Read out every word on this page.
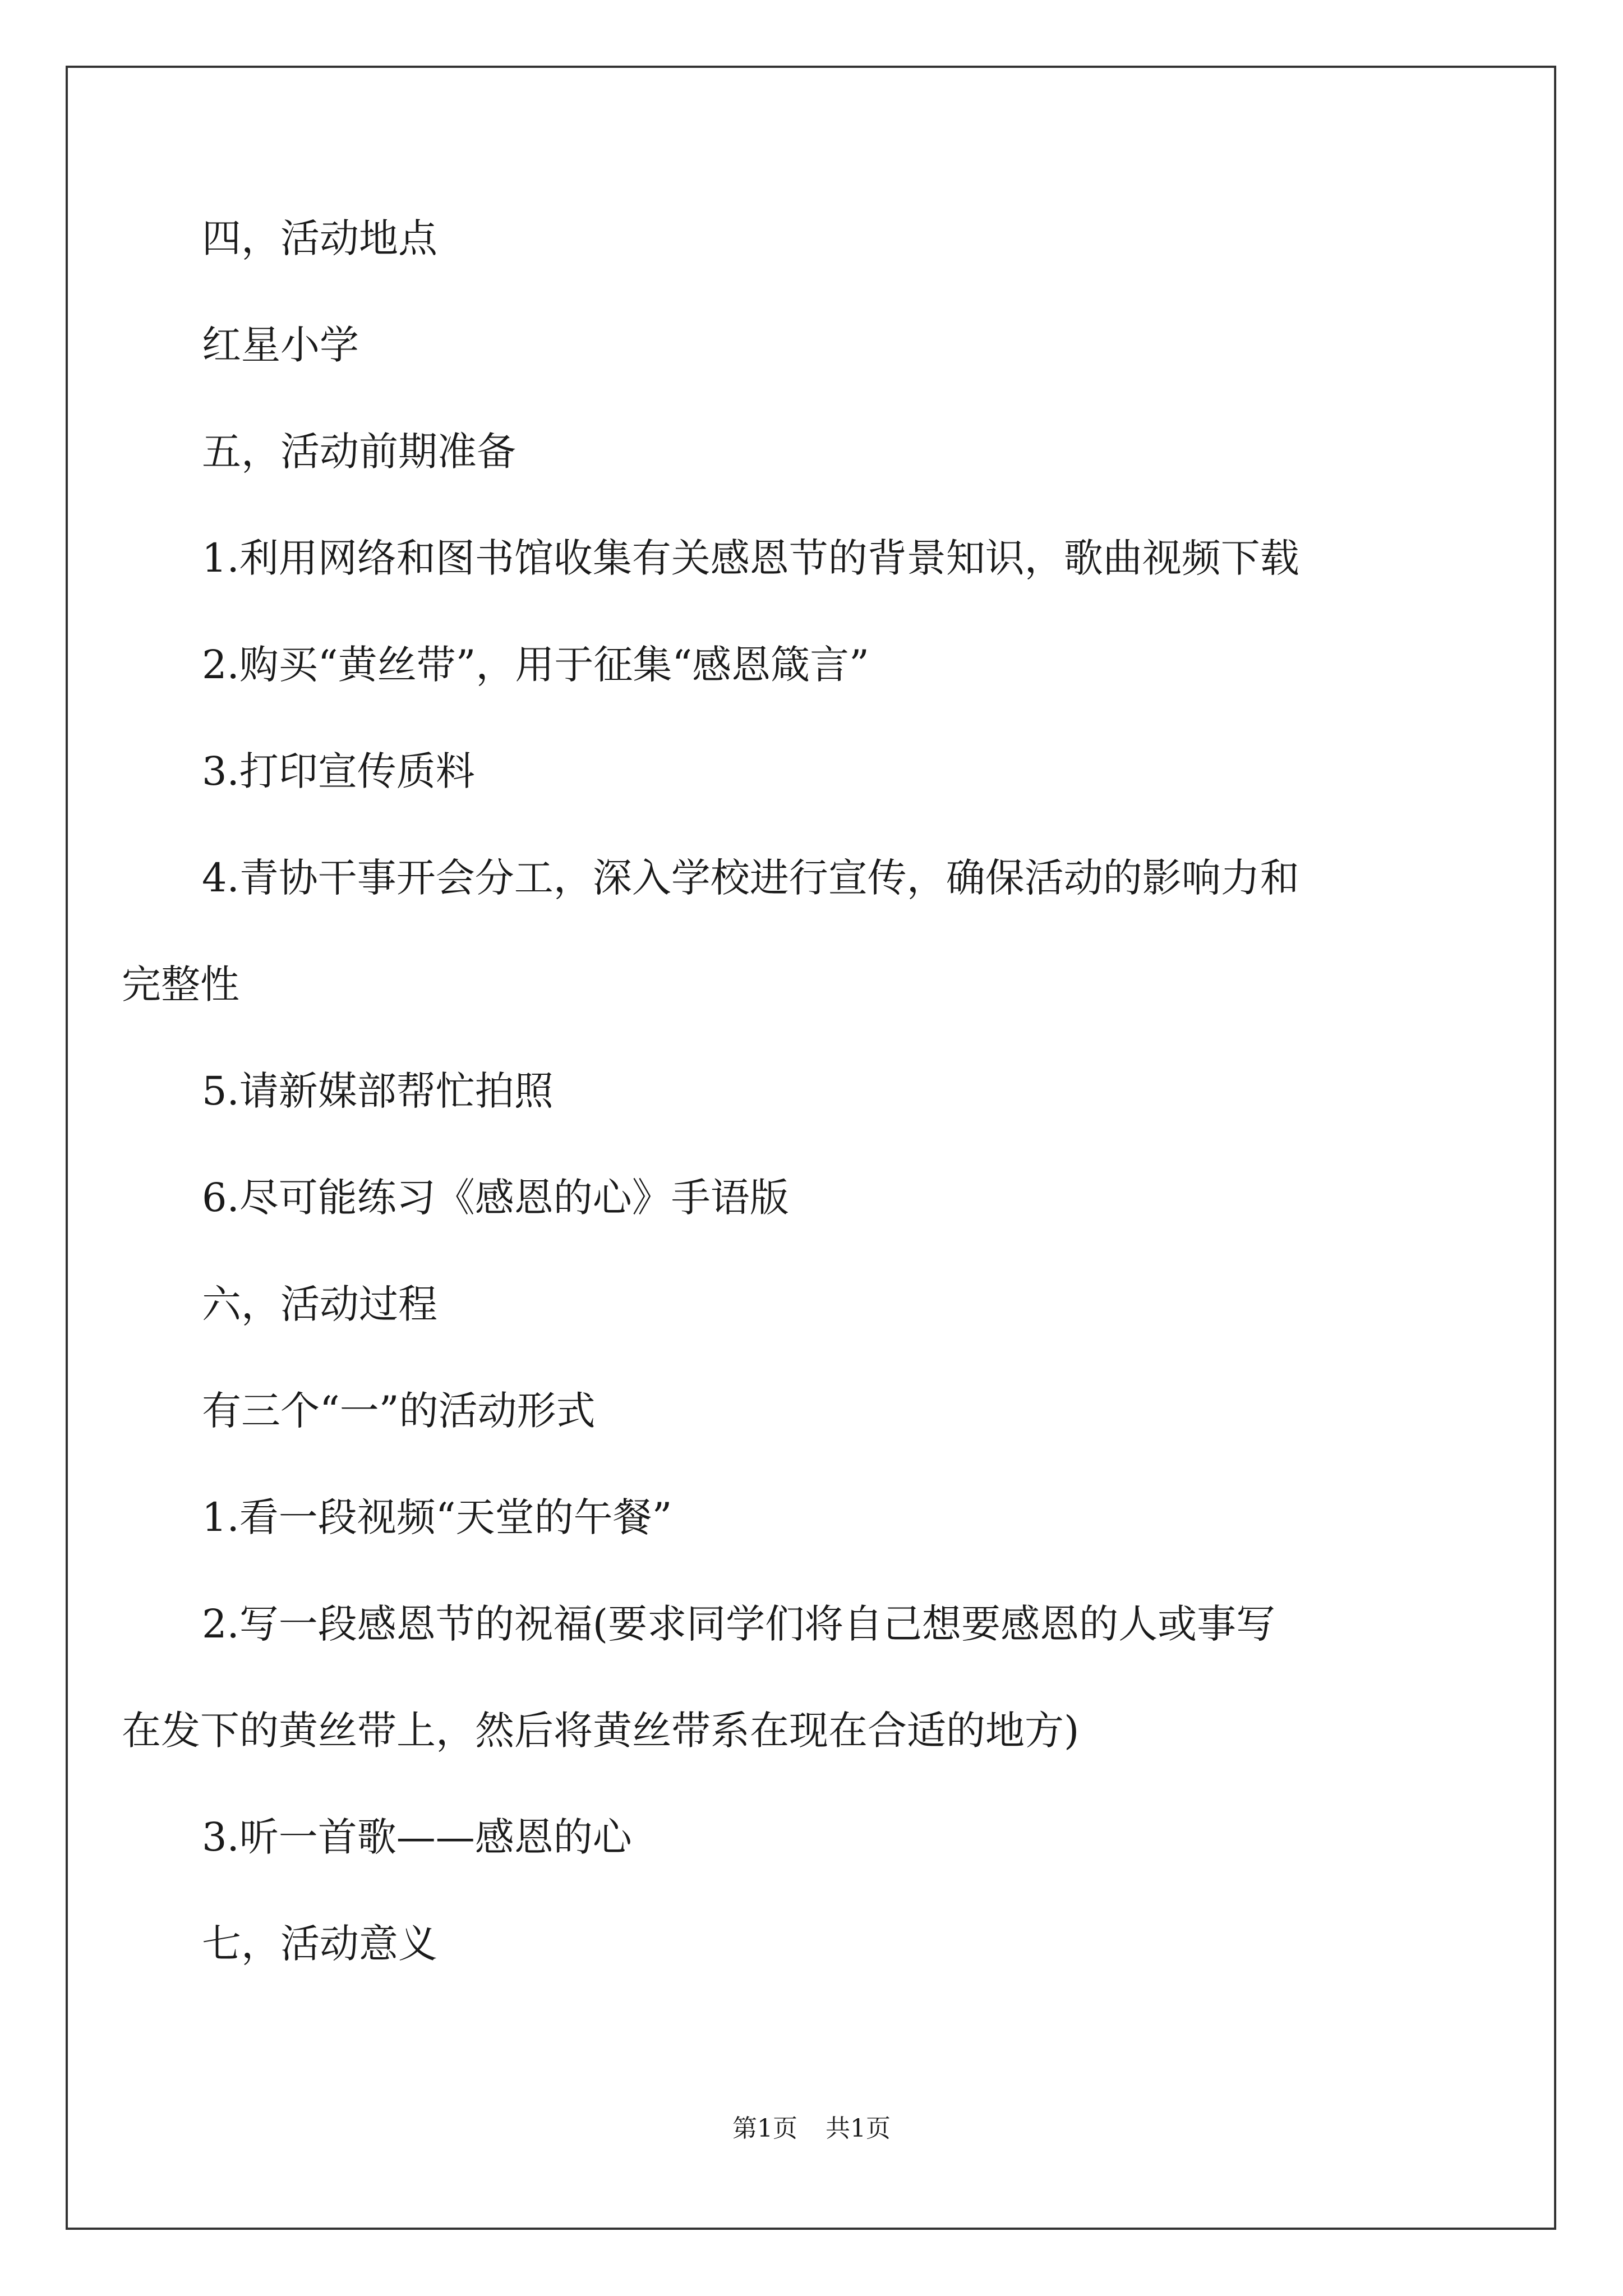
四，活动地点

红星小学

五，活动前期准备

1.利用网络和图书馆收集有关感恩节的背景知识，歌曲视频下载

2.购买“黄丝带”，用于征集“感恩箴言”

3.打印宣传质料

4.青协干事开会分工，深入学校进行宣传，确保活动的影响力和
完整性

5.请新媒部帮忙拍照

6.尽可能练习《感恩的心》手语版

六，活动过程

有三个“一”的活动形式

1.看一段视频“天堂的午餐”

2.写一段感恩节的祝福(要求同学们将自己想要感恩的人或事写
在发下的黄丝带上，然后将黄丝带系在现在合适的地方)

3.听一首歌——感恩的心

七，活动意义

第1页 共1页
